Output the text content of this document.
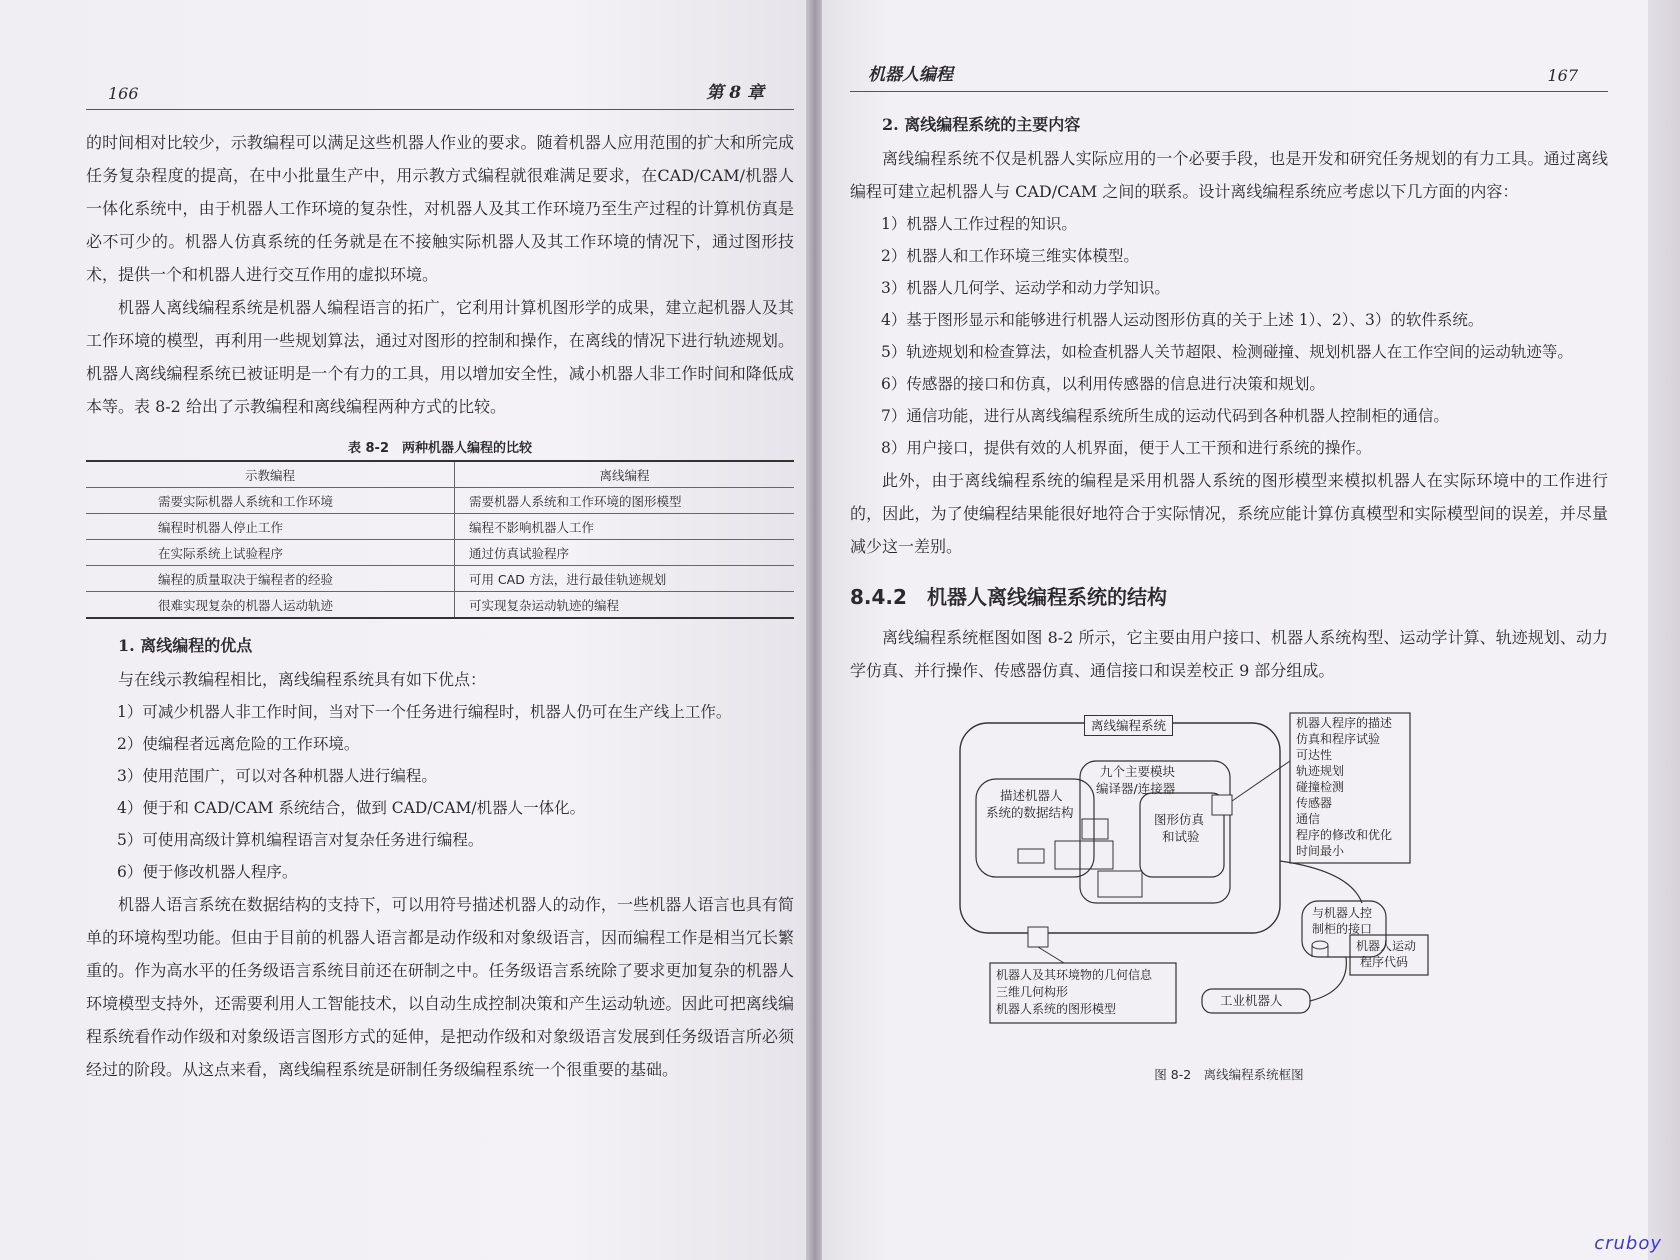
166	第 8 章

的时间相对比较少，示教编程可以满足这些机器人作业的要求。随着机器人应用范围的扩大和所完成任务复杂程度的提高，在中小批量生产中，用示教方式编程就很难满足要求，在CAD/CAM/机器人一体化系统中，由于机器人工作环境的复杂性，对机器人及其工作环境乃至生产过程的计算机仿真是必不可少的。机器人仿真系统的任务就是在不接触实际机器人及其工作环境的情况下，通过图形技术，提供一个和机器人进行交互作用的虚拟环境。

机器人离线编程系统是机器人编程语言的拓广，它利用计算机图形学的成果，建立起机器人及其工作环境的模型，再利用一些规划算法，通过对图形的控制和操作，在离线的情况下进行轨迹规划。机器人离线编程系统已被证明是一个有力的工具，用以增加安全性，减小机器人非工作时间和降低成本等。表 8-2 给出了示教编程和离线编程两种方式的比较。

表 8-2　两种机器人编程的比较
示教编程	离线编程
需要实际机器人系统和工作环境	需要机器人系统和工作环境的图形模型
编程时机器人停止工作	编程不影响机器人工作
在实际系统上试验程序	通过仿真试验程序
编程的质量取决于编程者的经验	可用 CAD 方法，进行最佳轨迹规划
很难实现复杂的机器人运动轨迹	可实现复杂运动轨迹的编程
1. 离线编程的优点

与在线示教编程相比，离线编程系统具有如下优点：

1）可减少机器人非工作时间，当对下一个任务进行编程时，机器人仍可在生产线上工作。

2）使编程者远离危险的工作环境。

3）使用范围广，可以对各种机器人进行编程。

4）便于和 CAD/CAM 系统结合，做到 CAD/CAM/机器人一体化。

5）可使用高级计算机编程语言对复杂任务进行编程。

6）便于修改机器人程序。

机器人语言系统在数据结构的支持下，可以用符号描述机器人的动作，一些机器人语言也具有简单的环境构型功能。但由于目前的机器人语言都是动作级和对象级语言，因而编程工作是相当冗长繁重的。作为高水平的任务级语言系统目前还在研制之中。任务级语言系统除了要求更加复杂的机器人环境模型支持外，还需要利用人工智能技术，以自动生成控制决策和产生运动轨迹。因此可把离线编程系统看作动作级和对象级语言图形方式的延伸，是把动作级和对象级语言发展到任务级语言所必须经过的阶段。从这点来看，离线编程系统是研制任务级编程系统一个很重要的基础。

机器人编程	167
2. 离线编程系统的主要内容

离线编程系统不仅是机器人实际应用的一个必要手段，也是开发和研究任务规划的有力工具。通过离线编程可建立起机器人与 CAD/CAM 之间的联系。设计离线编程系统应考虑以下几方面的内容：

1）机器人工作过程的知识。

2）机器人和工作环境三维实体模型。

3）机器人几何学、运动学和动力学知识。

4）基于图形显示和能够进行机器人运动图形仿真的关于上述 1）、2）、3）的软件系统。

5）轨迹规划和检查算法，如检查机器人关节超限、检测碰撞、规划机器人在工作空间的运动轨迹等。

6）传感器的接口和仿真，以利用传感器的信息进行决策和规划。

7）通信功能，进行从离线编程系统所生成的运动代码到各种机器人控制柜的通信。

8）用户接口，提供有效的人机界面，便于人工干预和进行系统的操作。

此外，由于离线编程系统的编程是采用机器人系统的图形模型来模拟机器人在实际环境中的工作进行的，因此，为了使编程结果能很好地符合于实际情况，系统应能计算仿真模型和实际模型间的误差，并尽量减少这一差别。

8.4.2　机器人离线编程系统的结构

离线编程系统框图如图 8-2 所示，它主要由用户接口、机器人系统构型、运动学计算、轨迹规划、动力学仿真、并行操作、传感器仿真、通信接口和误差校正 9 部分组成。

离线编程系统
九个主要模块
编译器/连接器
描述机器人
系统的数据结构	图形仿真
和试验
机器人程序的描述
仿真和程序试验
可达性
轨迹规划
碰撞检测
传感器
通信
程序的修改和优化
时间最小
机器人及其环境物的几何信息
三维几何构形
机器人系统的图形模型
与机器人控
制柜的接口
机器人运动
程序代码
工业机器人
图 8-2　离线编程系统框图
cruboy
